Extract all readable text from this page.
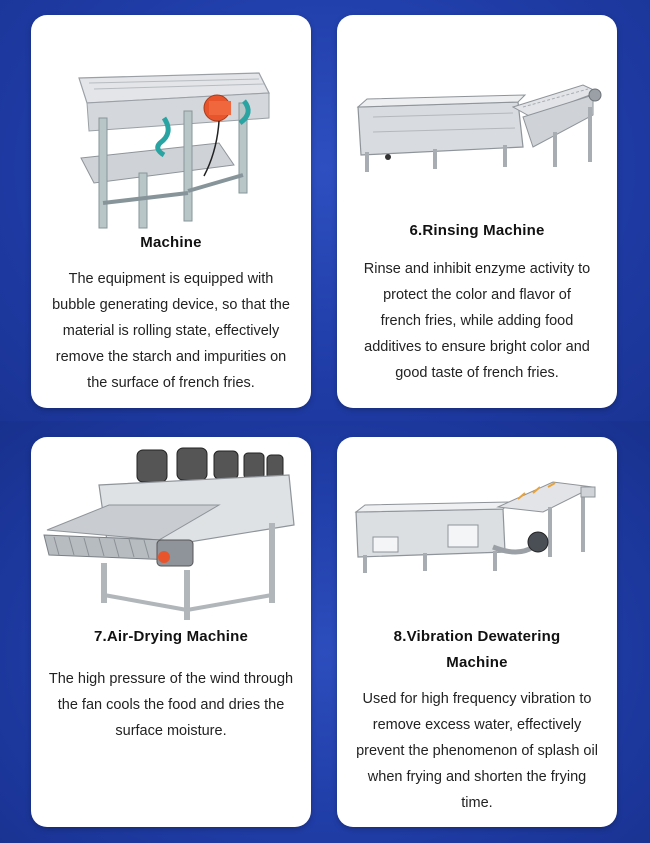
Machine
The equipment is equipped with bubble generating device, so that the material is rolling state, effectively remove the starch and impurities on the surface of french fries.
6.Rinsing Machine
Rinse and inhibit enzyme activity to protect the color and flavor of french fries, while adding food additives to ensure bright color and good taste of french fries.
7.Air-Drying Machine
The high pressure of the wind through the fan cools the food and dries the surface moisture.
8.Vibration Dewatering Machine
Used for high frequency vibration to remove excess water, effectively prevent the phenomenon of splash oil when frying and shorten the frying time.
